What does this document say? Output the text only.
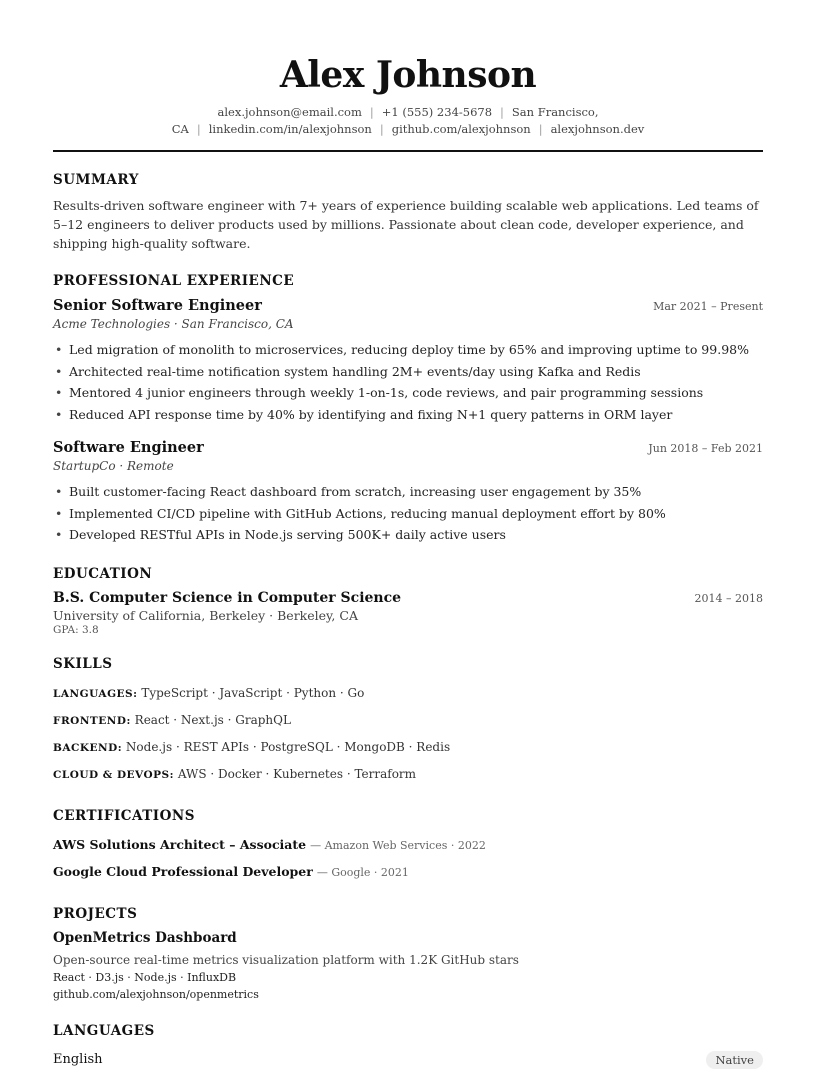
Alex Johnson
alex.johnson@email.com | +1 (555) 234-5678 | San Francisco, CA | linkedin.com/in/alexjohnson | github.com/alexjohnson | alexjohnson.dev
SUMMARY
Results-driven software engineer with 7+ years of experience building scalable web applications. Led teams of 5–12 engineers to deliver products used by millions. Passionate about clean code, developer experience, and shipping high-quality software.
PROFESSIONAL EXPERIENCE
Senior Software Engineer	Mar 2021 – Present
Acme Technologies · San Francisco, CA
• Led migration of monolith to microservices, reducing deploy time by 65% and improving uptime to 99.98%
• Architected real-time notification system handling 2M+ events/day using Kafka and Redis
• Mentored 4 junior engineers through weekly 1-on-1s, code reviews, and pair programming sessions
• Reduced API response time by 40% by identifying and fixing N+1 query patterns in ORM layer
Software Engineer	Jun 2018 – Feb 2021
StartupCo · Remote
• Built customer-facing React dashboard from scratch, increasing user engagement by 35%
• Implemented CI/CD pipeline with GitHub Actions, reducing manual deployment effort by 80%
• Developed RESTful APIs in Node.js serving 500K+ daily active users
EDUCATION
B.S. Computer Science in Computer Science	2014 – 2018
University of California, Berkeley · Berkeley, CA
GPA: 3.8
SKILLS
LANGUAGES: TypeScript · JavaScript · Python · Go
FRONTEND: React · Next.js · GraphQL
BACKEND: Node.js · REST APIs · PostgreSQL · MongoDB · Redis
CLOUD & DEVOPS: AWS · Docker · Kubernetes · Terraform
CERTIFICATIONS
AWS Solutions Architect – Associate — Amazon Web Services · 2022
Google Cloud Professional Developer — Google · 2021
PROJECTS
OpenMetrics Dashboard
Open-source real-time metrics visualization platform with 1.2K GitHub stars
React · D3.js · Node.js · InfluxDB
github.com/alexjohnson/openmetrics
LANGUAGES
English	Native
